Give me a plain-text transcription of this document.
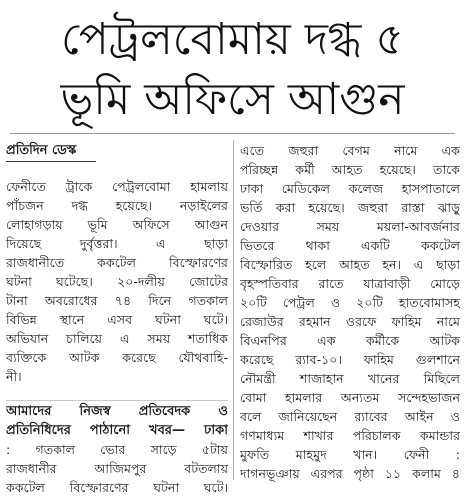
পেট্রলবোমায় দগ্ধ ৫
ভূমি অফিসে আগুন
প্রতিদিন ডেস্ক
ফেনীতে ট্রাকে পেট্রলবোমা হামলায়
পাঁচজন দগ্ধ হয়েছে। নড়াইলের
লোহাগড়ায় ভূমি অফিসে আগুন
দিয়েছে দুর্বৃত্তরা। এ ছাড়া
রাজধানীতে ককটেল বিস্ফোরণের
ঘটনা ঘটেছে। ২০-দলীয় জোটের
টানা অবরোধের ৭৪ দিনে গতকাল
বিভিন্ন স্থানে এসব ঘটনা ঘটে।
অভিযান চালিয়ে এ সময় শতাধিক
ব্যক্তিকে আটক করেছে যৌথবাহি-
নী।
আমাদের নিজস্ব প্রতিবেদক ও
প্রতিনিধিদের পাঠানো খবর— ঢাকা
: গতকাল ভোর সাড়ে ৫টায়
রাজধানীর আজিমপুর বটতলায়
ককটেল বিস্ফোরণের ঘটনা ঘটে।
এতে জহুরা বেগম নামে এক
পরিচ্ছন্ন কর্মী আহত হয়েছে। তাকে
ঢাকা মেডিকেল কলেজ হাসপাতালে
ভর্তি করা হয়েছে। জহুরা রাস্তা ঝাড়ু
দেওয়ার সময় ময়লা-আবর্জনার
ভিতরে থাকা একটি ককটেল
বিস্ফোরিত হলে আহত হন। এ ছাড়া
বৃহস্পতিবার রাতে যাত্রাবাড়ী মোড়ে
২০টি পেট্রল ও ২০টি হাতবোমাসহ
রেজাউর রহমান ওরফে ফাহিম নামে
বিএনপির এক কর্মীকে আটক
করেছে র‍্যাব-১০। ফাহিম গুলশানে
নৌমন্ত্রী শাজাহান খানের মিছিলে
বোমা হামলার অন্যতম সন্দেহভাজন
বলে জানিয়েছেন র‍্যাবের আইন ও
গণমাধ্যম শাখার পরিচালক কমান্ডার
মুফতি মাহমুদ খান। ফেনী :
দাগনভূঞায় এরপর পৃষ্ঠা ১১ কলাম ৪
